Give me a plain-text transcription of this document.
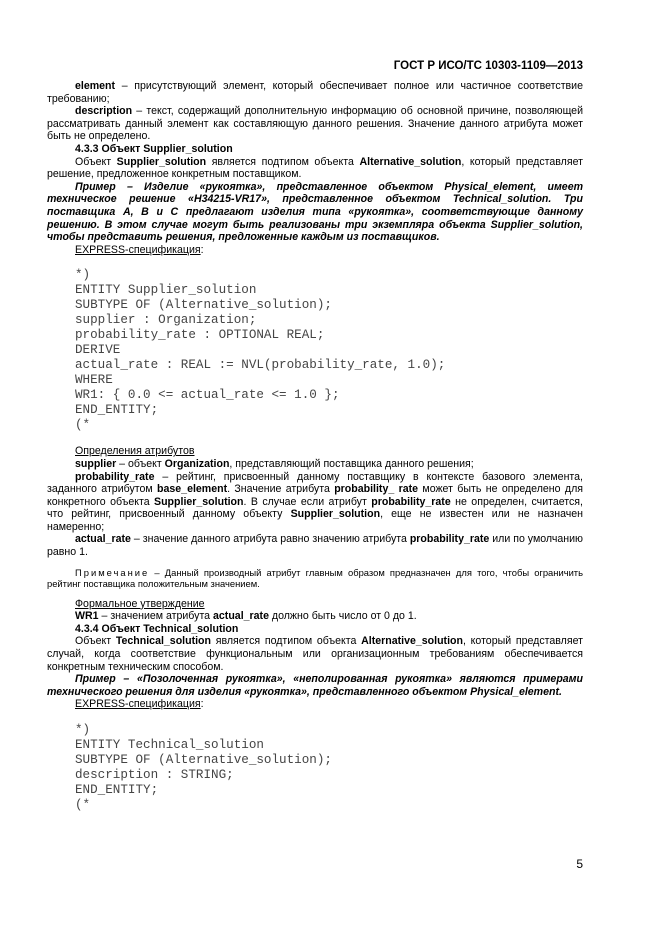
ГОСТ Р ИСО/ТС 10303-1109—2013

element – присутствующий элемент, который обеспечивает полное или частичное соответствие требованию;

description – текст, содержащий дополнительную информацию об основной причине, позволяющей рассматривать данный элемент как составляющую данного решения. Значение данного атрибута может быть не определено.

4.3.3 Объект Supplier_solution

Объект Supplier_solution является подтипом объекта Alternative_solution, который представляет решение, предложенное конкретным поставщиком.

Пример – Изделие «рукоятка», представленное объектом Physical_element, имеет техническое решение «H34215-VR17», представленное объектом Technical_solution. Три поставщика A, B и C предлагают изделия типа «рукоятка», соответствующие данному решению. В этом случае могут быть реализованы три экземпляра объекта Supplier_solution, чтобы представить решения, предложенные каждым из поставщиков.

EXPRESS-спецификация:

*)
ENTITY Supplier_solution
SUBTYPE OF (Alternative_solution);
supplier : Organization;
probability_rate : OPTIONAL REAL;
DERIVE
actual_rate : REAL := NVL(probability_rate, 1.0);
WHERE
WR1: { 0.0 <= actual_rate <= 1.0 };
END_ENTITY;
(*

Определения атрибутов

supplier – объект Organization, представляющий поставщика данного решения;

probability_rate – рейтинг, присвоенный данному поставщику в контексте базового элемента, заданного атрибутом base_element. Значение атрибута probability_ rate может быть не определено для конкретного объекта Supplier_solution. В случае если атрибут probability_rate не определен, считается, что рейтинг, присвоенный данному объекту Supplier_solution, еще не известен или не назначен намеренно;

actual_rate – значение данного атрибута равно значению атрибута probability_rate или по умолчанию равно 1.

Примечание – Данный производный атрибут главным образом предназначен для того, чтобы ограничить рейтинг поставщика положительным значением.

Формальное утверждение

WR1 – значением атрибута actual_rate должно быть число от 0 до 1.

4.3.4 Объект Technical_solution

Объект Technical_solution является подтипом объекта Alternative_solution, который представляет случай, когда соответствие функциональным или организационным требованиям обеспечивается конкретным техническим способом.

Пример – «Позолоченная рукоятка», «неполированная рукоятка» являются примерами технического решения для изделия «рукоятка», представленного объектом Physical_element.

EXPRESS-спецификация:

*)
ENTITY Technical_solution
SUBTYPE OF (Alternative_solution);
description : STRING;
END_ENTITY;
(*
5
